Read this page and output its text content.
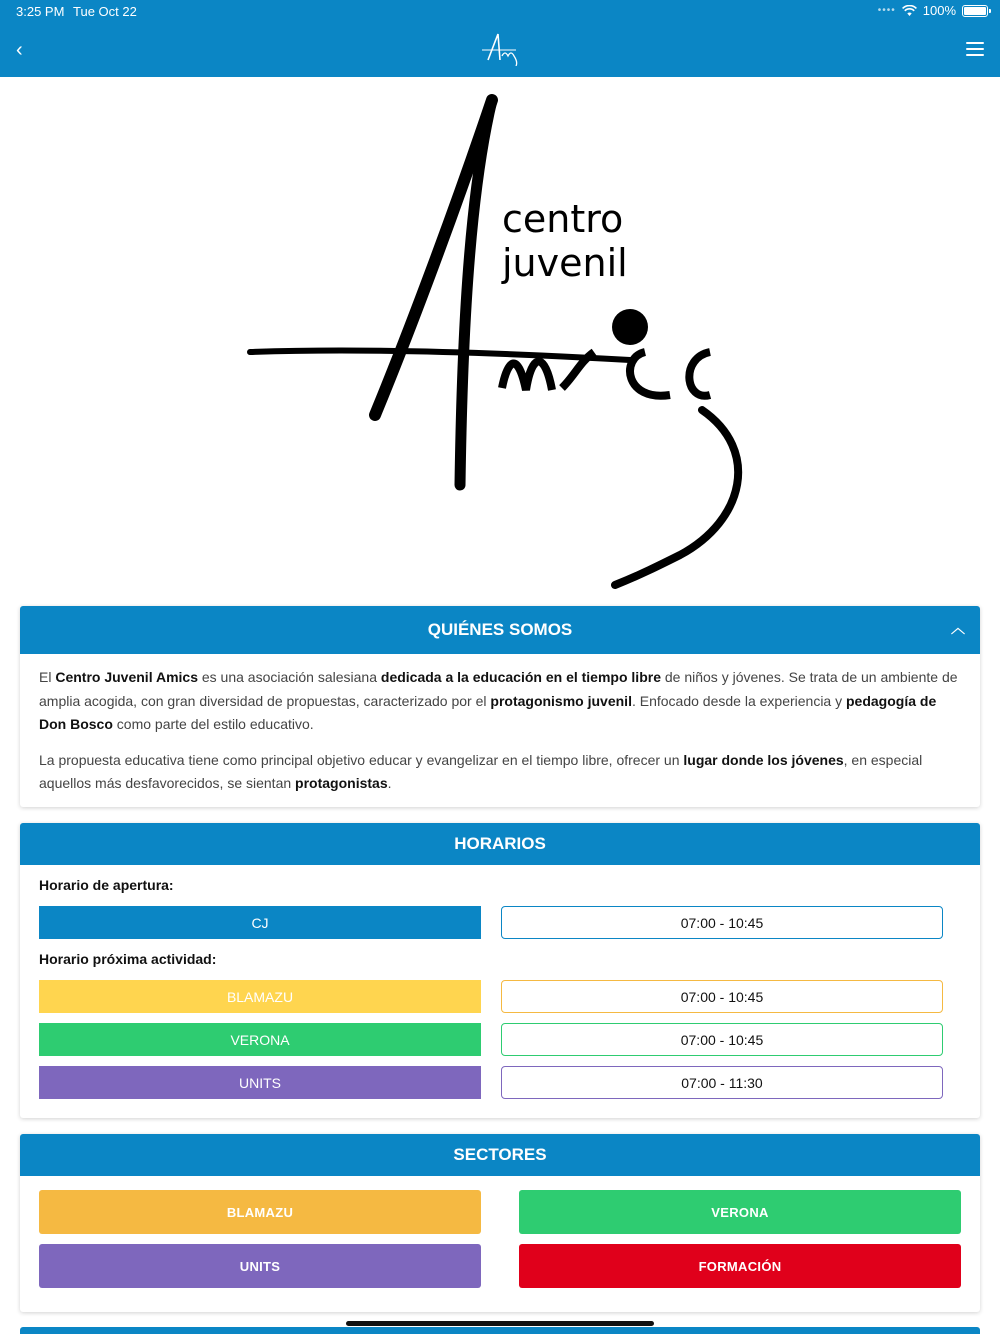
3:25 PM Tue Oct 22	•••• 100%
‹
centro
juvenil
QUIÉNES SOMOS	︿

El Centro Juvenil Amics es una asociación salesiana dedicada a la educación en el tiempo libre de niños y jóvenes. Se trata de un ambiente de amplia acogida, con gran diversidad de propuestas, caracterizado por el protagonismo juvenil. Enfocado desde la experiencia y pedagogía de Don Bosco como parte del estilo educativo.

La propuesta educativa tiene como principal objetivo educar y evangelizar en el tiempo libre, ofrecer un lugar donde los jóvenes, en especial aquellos más desfavorecidos, se sientan protagonistas.

HORARIOS
Horario de apertura:
CJ	07:00 - 10:45
Horario próxima actividad:
BLAMAZU	07:00 - 10:45
VERONA	07:00 - 10:45
UNITS	07:00 - 11:30
SECTORES
BLAMAZU	VERONA
UNITS	FORMACIÓN
